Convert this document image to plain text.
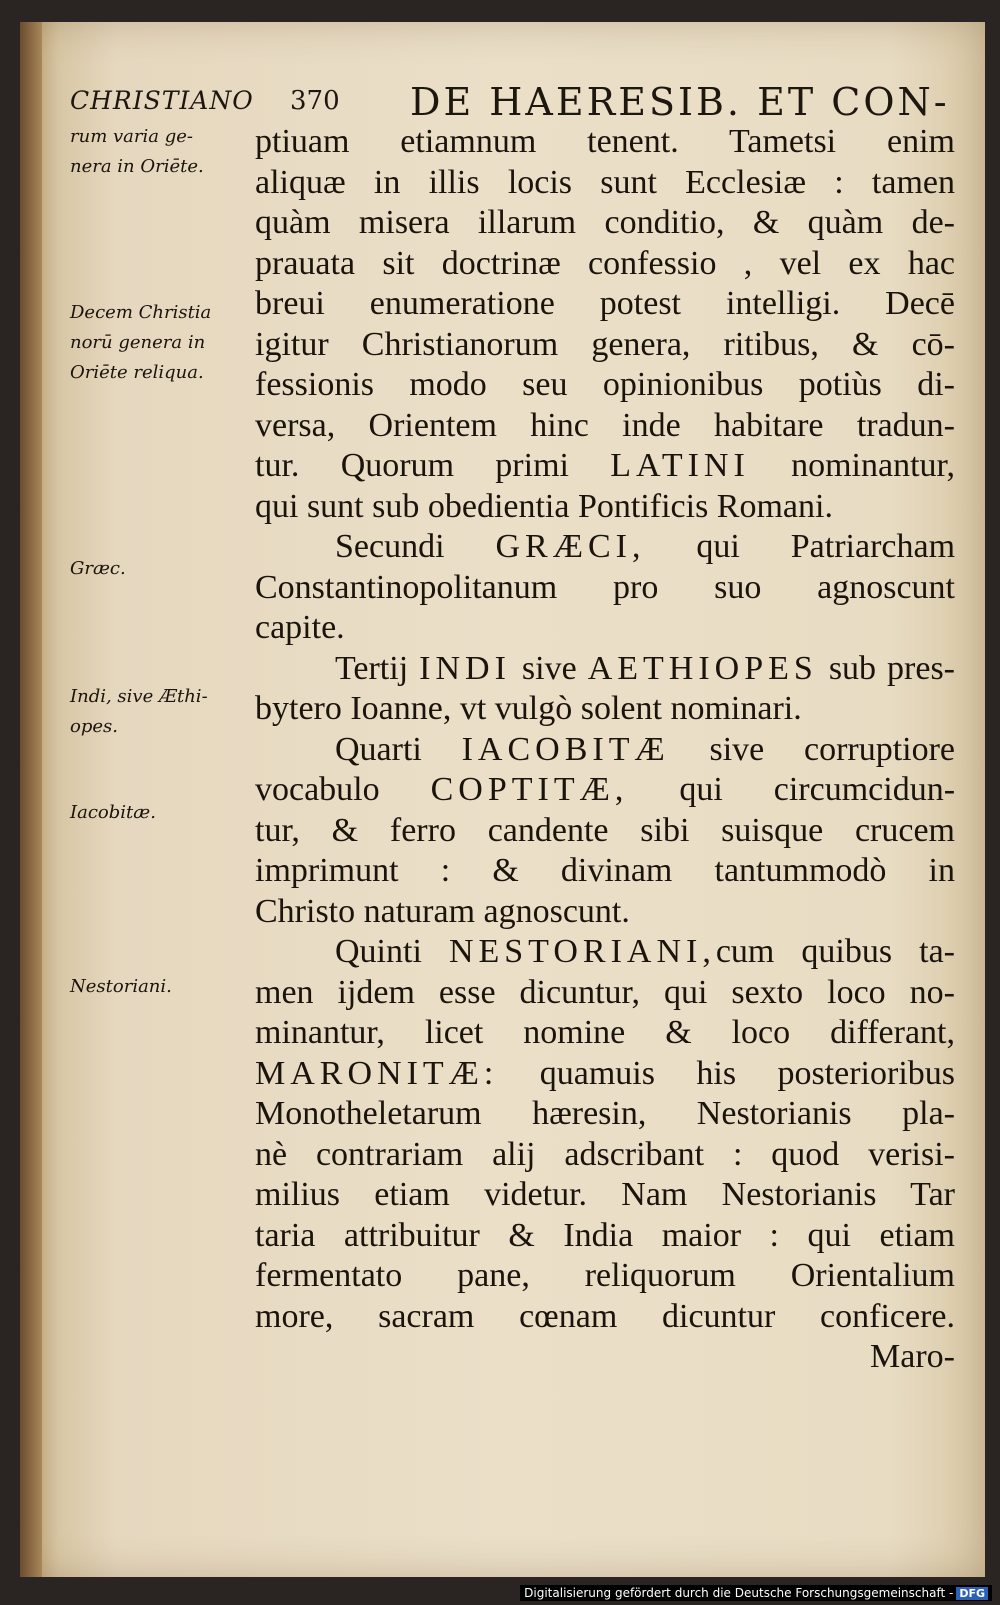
CHRISTIANO 370 DE HAERESIB. ET CON-
rum varia ge-
nera in Oriēte.
Decem Christia
norū genera in
Oriēte reliqua.
Græc.
Indi, sive Æthi-
opes.
Iacobitæ.
Nestoriani.
ptiuam etiamnum tenent. Tametsi enim
aliquæ in illis locis sunt Ecclesiæ : tamen
quàm misera illarum conditio, & quàm de-
prauata sit doctrinæ confessio , vel ex hac
breui enumeratione potest intelligi. Decē
igitur Christianorum genera, ritibus, & cō-
fessionis modo seu opinionibus potiùs di-
versa, Orientem hinc inde habitare tradun-
tur. Quorum primi LATINI nominantur,
qui sunt sub obedientia Pontificis Romani.
Secundi GRÆCI, qui Patriarcham
Constantinopolitanum pro suo agnoscunt
capite.
Tertij INDI sive AETHIOPES sub pres-
bytero Ioanne, vt vulgò solent nominari.
Quarti IACOBITÆ sive corruptiore
vocabulo COPTITÆ, qui circumcidun-
tur, & ferro candente sibi suisque crucem
imprimunt : & divinam tantummodò in
Christo naturam agnoscunt.
Quinti NESTORIANI,cum quibus ta-
men ijdem esse dicuntur, qui sexto loco no-
minantur, licet nomine & loco differant,
MARONITÆ: quamuis his posterioribus
Monotheletarum hæresin, Nestorianis pla-
nè contrariam alij adscribant : quod verisi-
milius etiam videtur. Nam Nestorianis Tar
taria attribuitur & India maior : qui etiam
fermentato pane, reliquorum Orientalium
more, sacram cœnam dicuntur conficere.
Maro-
Digitalisierung gefördert durch die Deutsche Forschungsgemeinschaft - DFG
